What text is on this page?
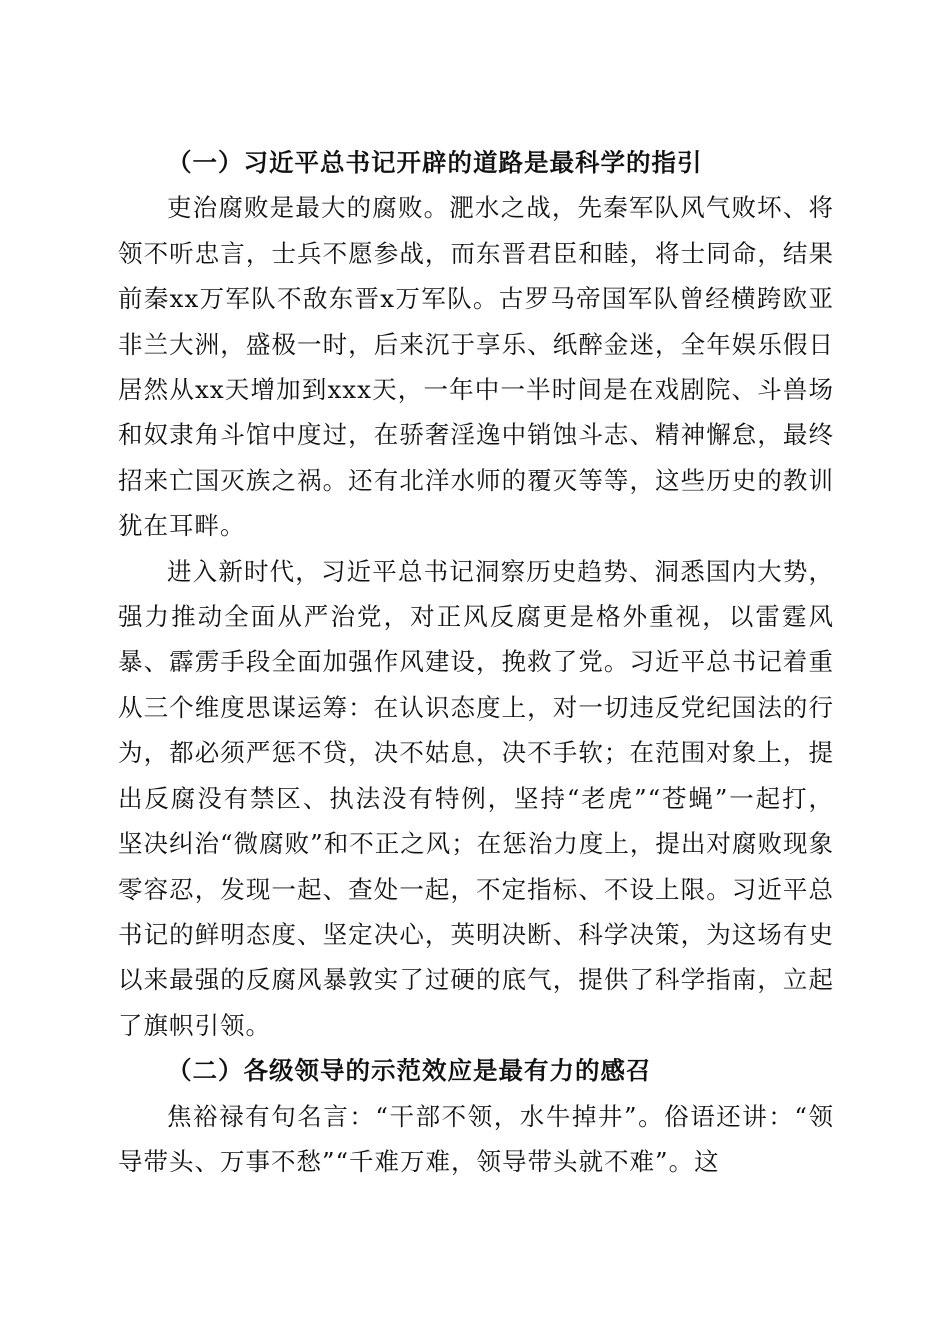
（一）习近平总书记开辟的道路是最科学的指引

吏治腐败是最大的腐败。淝水之战，先秦军队风气败坏、将领不听忠言，士兵不愿参战，而东晋君臣和睦，将士同命，结果前秦xx万军队不敌东晋x万军队。古罗马帝国军队曾经横跨欧亚非兰大洲，盛极一时，后来沉于享乐、纸醉金迷，全年娱乐假日居然从xx天增加到xxx天，一年中一半时间是在戏剧院、斗兽场和奴隶角斗馆中度过，在骄奢淫逸中销蚀斗志、精神懈怠，最终招来亡国灭族之祸。还有北洋水师的覆灭等等，这些历史的教训犹在耳畔。

进入新时代，习近平总书记洞察历史趋势、洞悉国内大势，强力推动全面从严治党，对正风反腐更是格外重视，以雷霆风暴、霹雳手段全面加强作风建设，挽救了党。习近平总书记着重从三个维度思谋运筹：在认识态度上，对一切违反党纪国法的行为，都必须严惩不贷，决不姑息，决不手软；在范围对象上，提出反腐没有禁区、执法没有特例，坚持“老虎”“苍蝇”一起打，坚决纠治“微腐败”和不正之风；在惩治力度上，提出对腐败现象零容忍，发现一起、查处一起，不定指标、不设上限。习近平总书记的鲜明态度、坚定决心，英明决断、科学决策，为这场有史以来最强的反腐风暴敦实了过硬的底气，提供了科学指南，立起了旗帜引领。

（二）各级领导的示范效应是最有力的感召

焦裕禄有句名言：“干部不领，水牛掉井”。俗语还讲：“领导带头、万事不愁”“千难万难，领导带头就不难”。这
